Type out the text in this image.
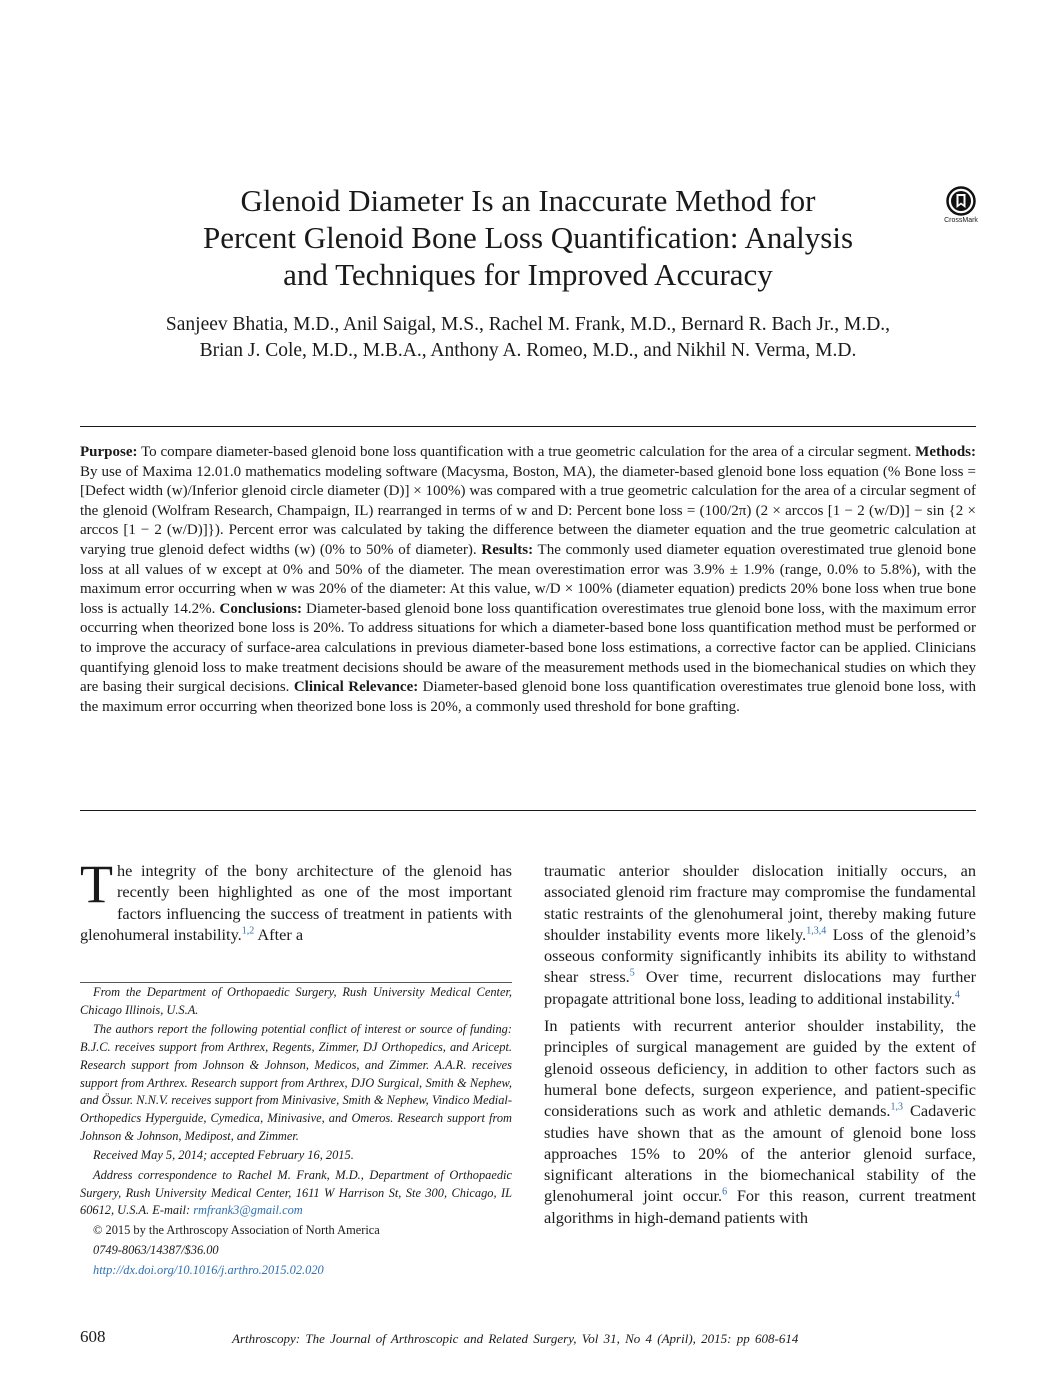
Glenoid Diameter Is an Inaccurate Method for
Percent Glenoid Bone Loss Quantification: Analysis
and Techniques for Improved Accuracy
CrossMark
Sanjeev Bhatia, M.D., Anil Saigal, M.S., Rachel M. Frank, M.D., Bernard R. Bach Jr., M.D.,
Brian J. Cole, M.D., M.B.A., Anthony A. Romeo, M.D., and Nikhil N. Verma, M.D.

Purpose: To compare diameter-based glenoid bone loss quantification with a true geometric calculation for the area of a circular segment. Methods: By use of Maxima 12.01.0 mathematics modeling software (Macysma, Boston, MA), the diameter-based glenoid bone loss equation (% Bone loss = [Defect width (w)/Inferior glenoid circle diameter (D)] × 100%) was compared with a true geometric calculation for the area of a circular segment of the glenoid (Wolfram Research, Champaign, IL) rearranged in terms of w and D: Percent bone loss = (100/2π) (2 × arccos [1 − 2 (w/D)] − sin {2 × arccos [1 − 2 (w/D)]}). Percent error was calculated by taking the difference between the diameter equation and the true geometric calculation at varying true glenoid defect widths (w) (0% to 50% of diameter). Results: The commonly used diameter equation overestimated true glenoid bone loss at all values of w except at 0% and 50% of the diameter. The mean overestimation error was 3.9% ± 1.9% (range, 0.0% to 5.8%), with the maximum error occurring when w was 20% of the diameter: At this value, w/D × 100% (diameter equation) predicts 20% bone loss when true bone loss is actually 14.2%. Conclusions: Diameter-based glenoid bone loss quantification overestimates true glenoid bone loss, with the maximum error occurring when theorized bone loss is 20%. To address situations for which a diameter-based bone loss quantification method must be performed or to improve the accuracy of surface-area calculations in previous diameter-based bone loss estimations, a corrective factor can be applied. Clinicians quantifying glenoid loss to make treatment decisions should be aware of the measurement methods used in the biomechanical studies on which they are basing their surgical decisions. Clinical Relevance: Diameter-based glenoid bone loss quantification overestimates true glenoid bone loss, with the maximum error occurring when theorized bone loss is 20%, a commonly used threshold for bone grafting.

The integrity of the bony architecture of the glenoid has recently been highlighted as one of the most important factors influencing the success of treatment in patients with glenohumeral instability.$^{1,2}$ After a

From the Department of Orthopaedic Surgery, Rush University Medical Center, Chicago Illinois, U.S.A.

The authors report the following potential conflict of interest or source of funding: B.J.C. receives support from Arthrex, Regents, Zimmer, DJ Orthopedics, and Aricept. Research support from Johnson & Johnson, Medicos, and Zimmer. A.A.R. receives support from Arthrex. Research support from Arthrex, DJO Surgical, Smith & Nephew, and Össur. N.N.V. receives support from Minivasive, Smith & Nephew, Vindico Medial-Orthopedics Hyperguide, Cymedica, Minivasive, and Omeros. Research support from Johnson & Johnson, Medipost, and Zimmer.

Received May 5, 2014; accepted February 16, 2015.

Address correspondence to Rachel M. Frank, M.D., Department of Orthopaedic Surgery, Rush University Medical Center, 1611 W Harrison St, Ste 300, Chicago, IL 60612, U.S.A. E-mail: rmfrank3@gmail.com

© 2015 by the Arthroscopy Association of North America

0749-8063/14387/$36.00

http://dx.doi.org/10.1016/j.arthro.2015.02.020

traumatic anterior shoulder dislocation initially occurs, an associated glenoid rim fracture may compromise the fundamental static restraints of the glenohumeral joint, thereby making future shoulder instability events more likely.$^{1,3,4}$ Loss of the glenoid’s osseous conformity significantly inhibits its ability to withstand shear stress.$^5$ Over time, recurrent dislocations may further propagate attritional bone loss, leading to additional instability.$^4$

In patients with recurrent anterior shoulder instability, the principles of surgical management are guided by the extent of glenoid osseous deficiency, in addition to other factors such as humeral bone defects, surgeon experience, and patient-specific considerations such as work and athletic demands.$^{1,3}$ Cadaveric studies have shown that as the amount of glenoid bone loss approaches 15% to 20% of the anterior glenoid surface, significant alterations in the biomechanical stability of the glenohumeral joint occur.$^6$ For this reason, current treatment algorithms in high-demand patients with

608	Arthroscopy: The Journal of Arthroscopic and Related Surgery, Vol 31, No 4 (April), 2015: pp 608-614
